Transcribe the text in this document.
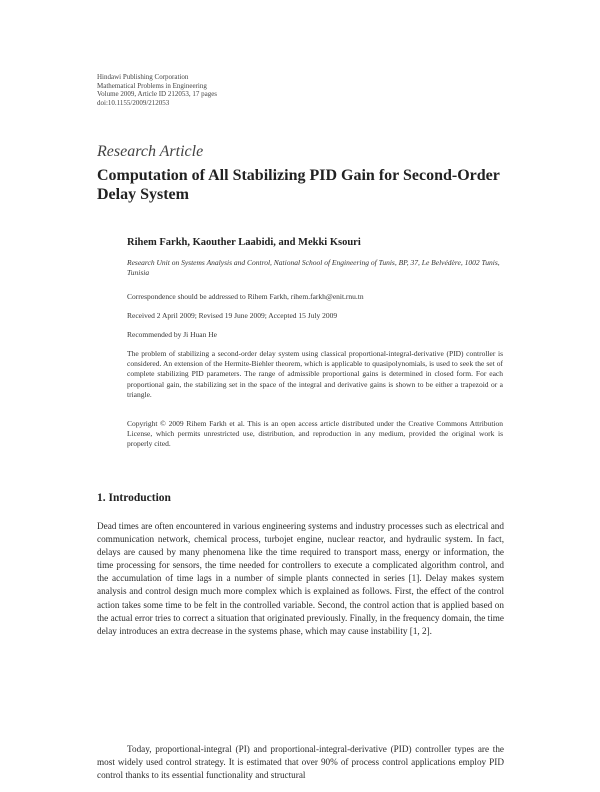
Hindawi Publishing Corporation
Mathematical Problems in Engineering
Volume 2009, Article ID 212053, 17 pages
doi:10.1155/2009/212053
Research Article
Computation of All Stabilizing PID Gain for Second-Order Delay System
Rihem Farkh, Kaouther Laabidi, and Mekki Ksouri
Research Unit on Systems Analysis and Control, National School of Engineering of Tunis, BP, 37, Le Belvédère, 1002 Tunis, Tunisia
Correspondence should be addressed to Rihem Farkh, rihem.farkh@enit.rnu.tn
Received 2 April 2009; Revised 19 June 2009; Accepted 15 July 2009
Recommended by Ji Huan He
The problem of stabilizing a second-order delay system using classical proportional-integral-derivative (PID) controller is considered. An extension of the Hermite-Biehler theorem, which is applicable to quasipolynomials, is used to seek the set of complete stabilizing PID parameters. The range of admissible proportional gains is determined in closed form. For each proportional gain, the stabilizing set in the space of the integral and derivative gains is shown to be either a trapezoid or a triangle.
Copyright © 2009 Rihem Farkh et al. This is an open access article distributed under the Creative Commons Attribution License, which permits unrestricted use, distribution, and reproduction in any medium, provided the original work is properly cited.
1. Introduction
Dead times are often encountered in various engineering systems and industry processes such as electrical and communication network, chemical process, turbojet engine, nuclear reactor, and hydraulic system. In fact, delays are caused by many phenomena like the time required to transport mass, energy or information, the time processing for sensors, the time needed for controllers to execute a complicated algorithm control, and the accumulation of time lags in a number of simple plants connected in series [1]. Delay makes system analysis and control design much more complex which is explained as follows. First, the effect of the control action takes some time to be felt in the controlled variable. Second, the control action that is applied based on the actual error tries to correct a situation that originated previously. Finally, in the frequency domain, the time delay introduces an extra decrease in the systems phase, which may cause instability [1, 2].
Today, proportional-integral (PI) and proportional-integral-derivative (PID) controller types are the most widely used control strategy. It is estimated that over 90% of process control applications employ PID control thanks to its essential functionality and structural
